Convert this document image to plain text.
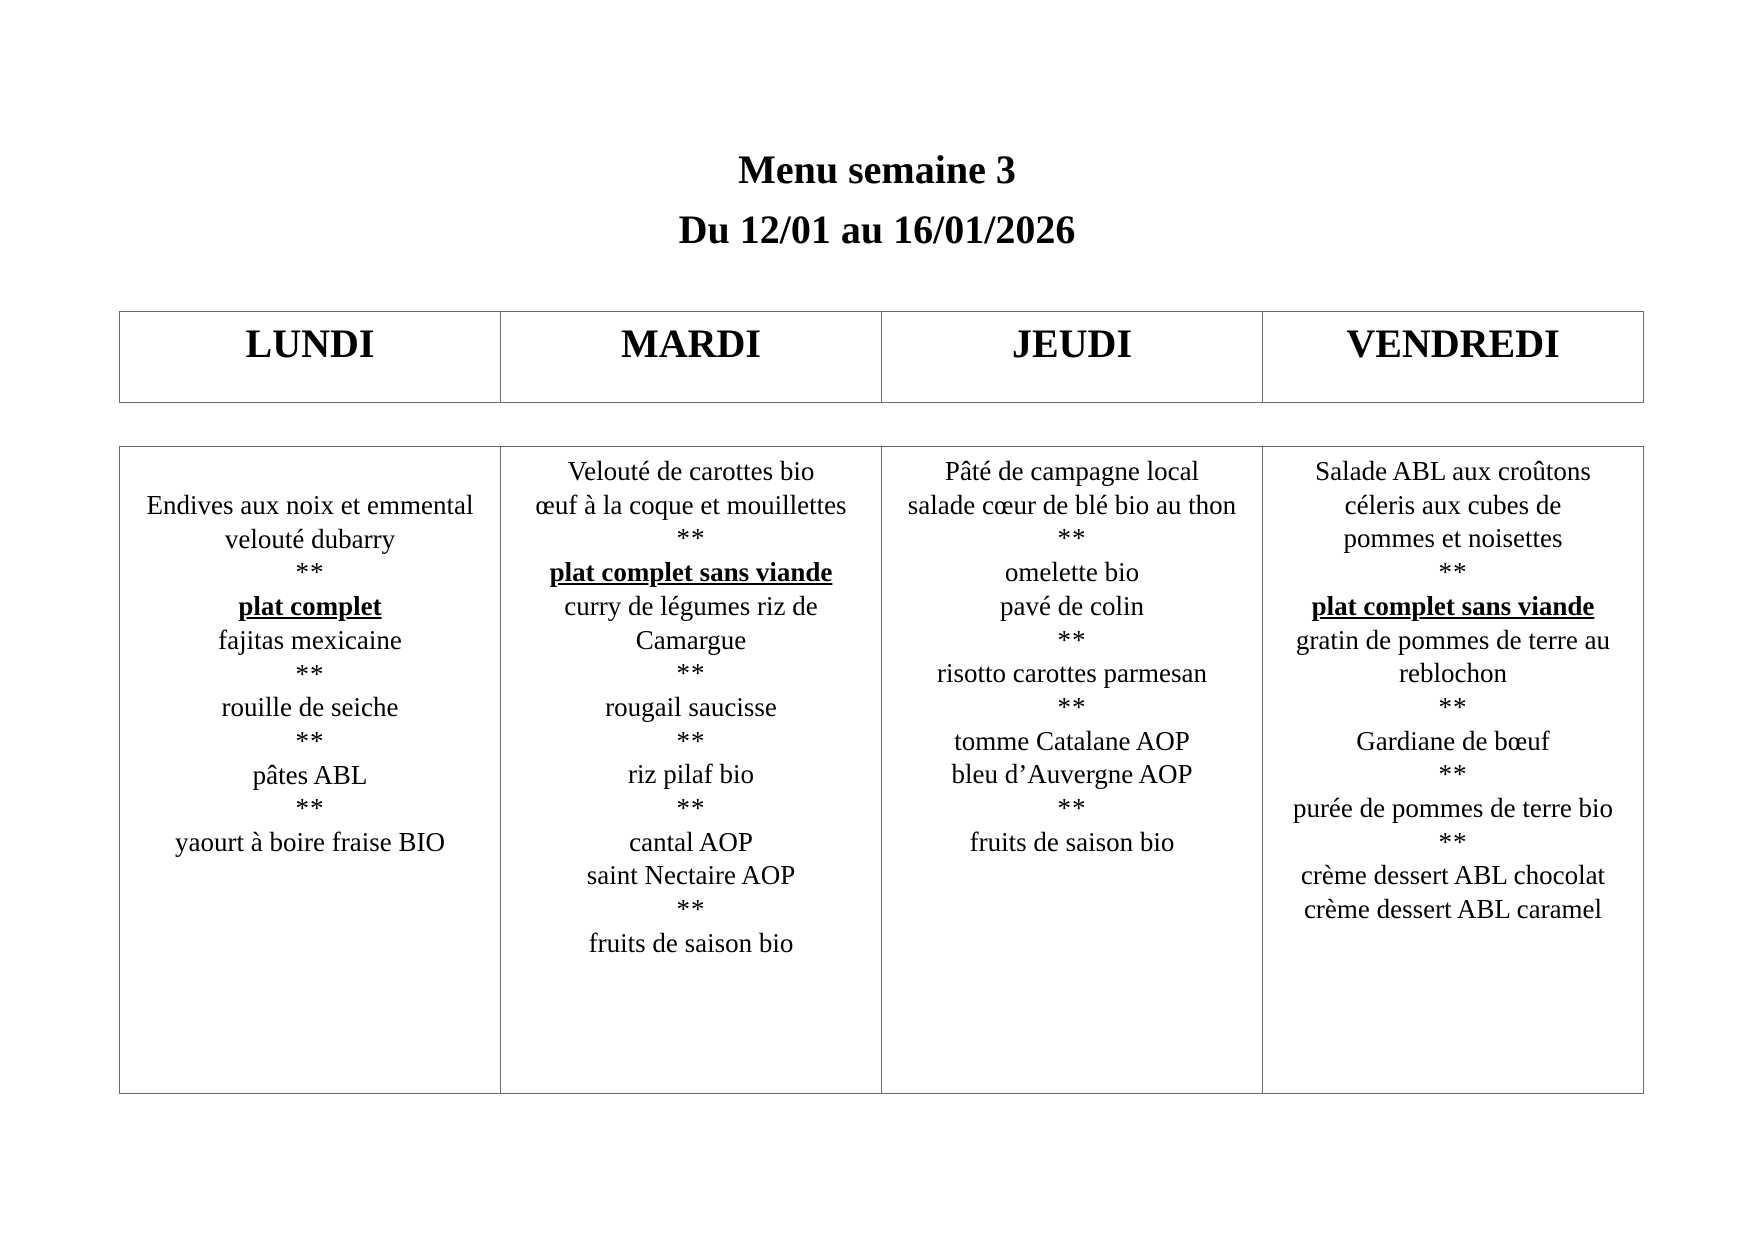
Menu semaine 3
Du 12/01 au 16/01/2026
LUNDI	MARDI	JEUDI	VENDREDI
Endives aux noix et emmental
velouté dubarry
**
plat complet
fajitas mexicaine
**
rouille de seiche
**
pâtes ABL
**
yaourt à boire fraise BIO

Velouté de carottes bio
œuf à la coque et mouillettes
**
plat complet sans viande
curry de légumes riz de Camargue
**
rougail saucisse
**
riz pilaf bio
**
cantal AOP
saint Nectaire AOP
**
fruits de saison bio

Pâté de campagne local
salade cœur de blé bio au thon
**
omelette bio
pavé de colin
**
risotto carottes parmesan
**
tomme Catalane AOP
bleu d’Auvergne AOP
**
fruits de saison bio

Salade ABL aux croûtons
céleris aux cubes de pommes et noisettes
**
plat complet sans viande
gratin de pommes de terre au reblochon
**
Gardiane de bœuf
**
purée de pommes de terre bio
**
crème dessert ABL chocolat
crème dessert ABL caramel
